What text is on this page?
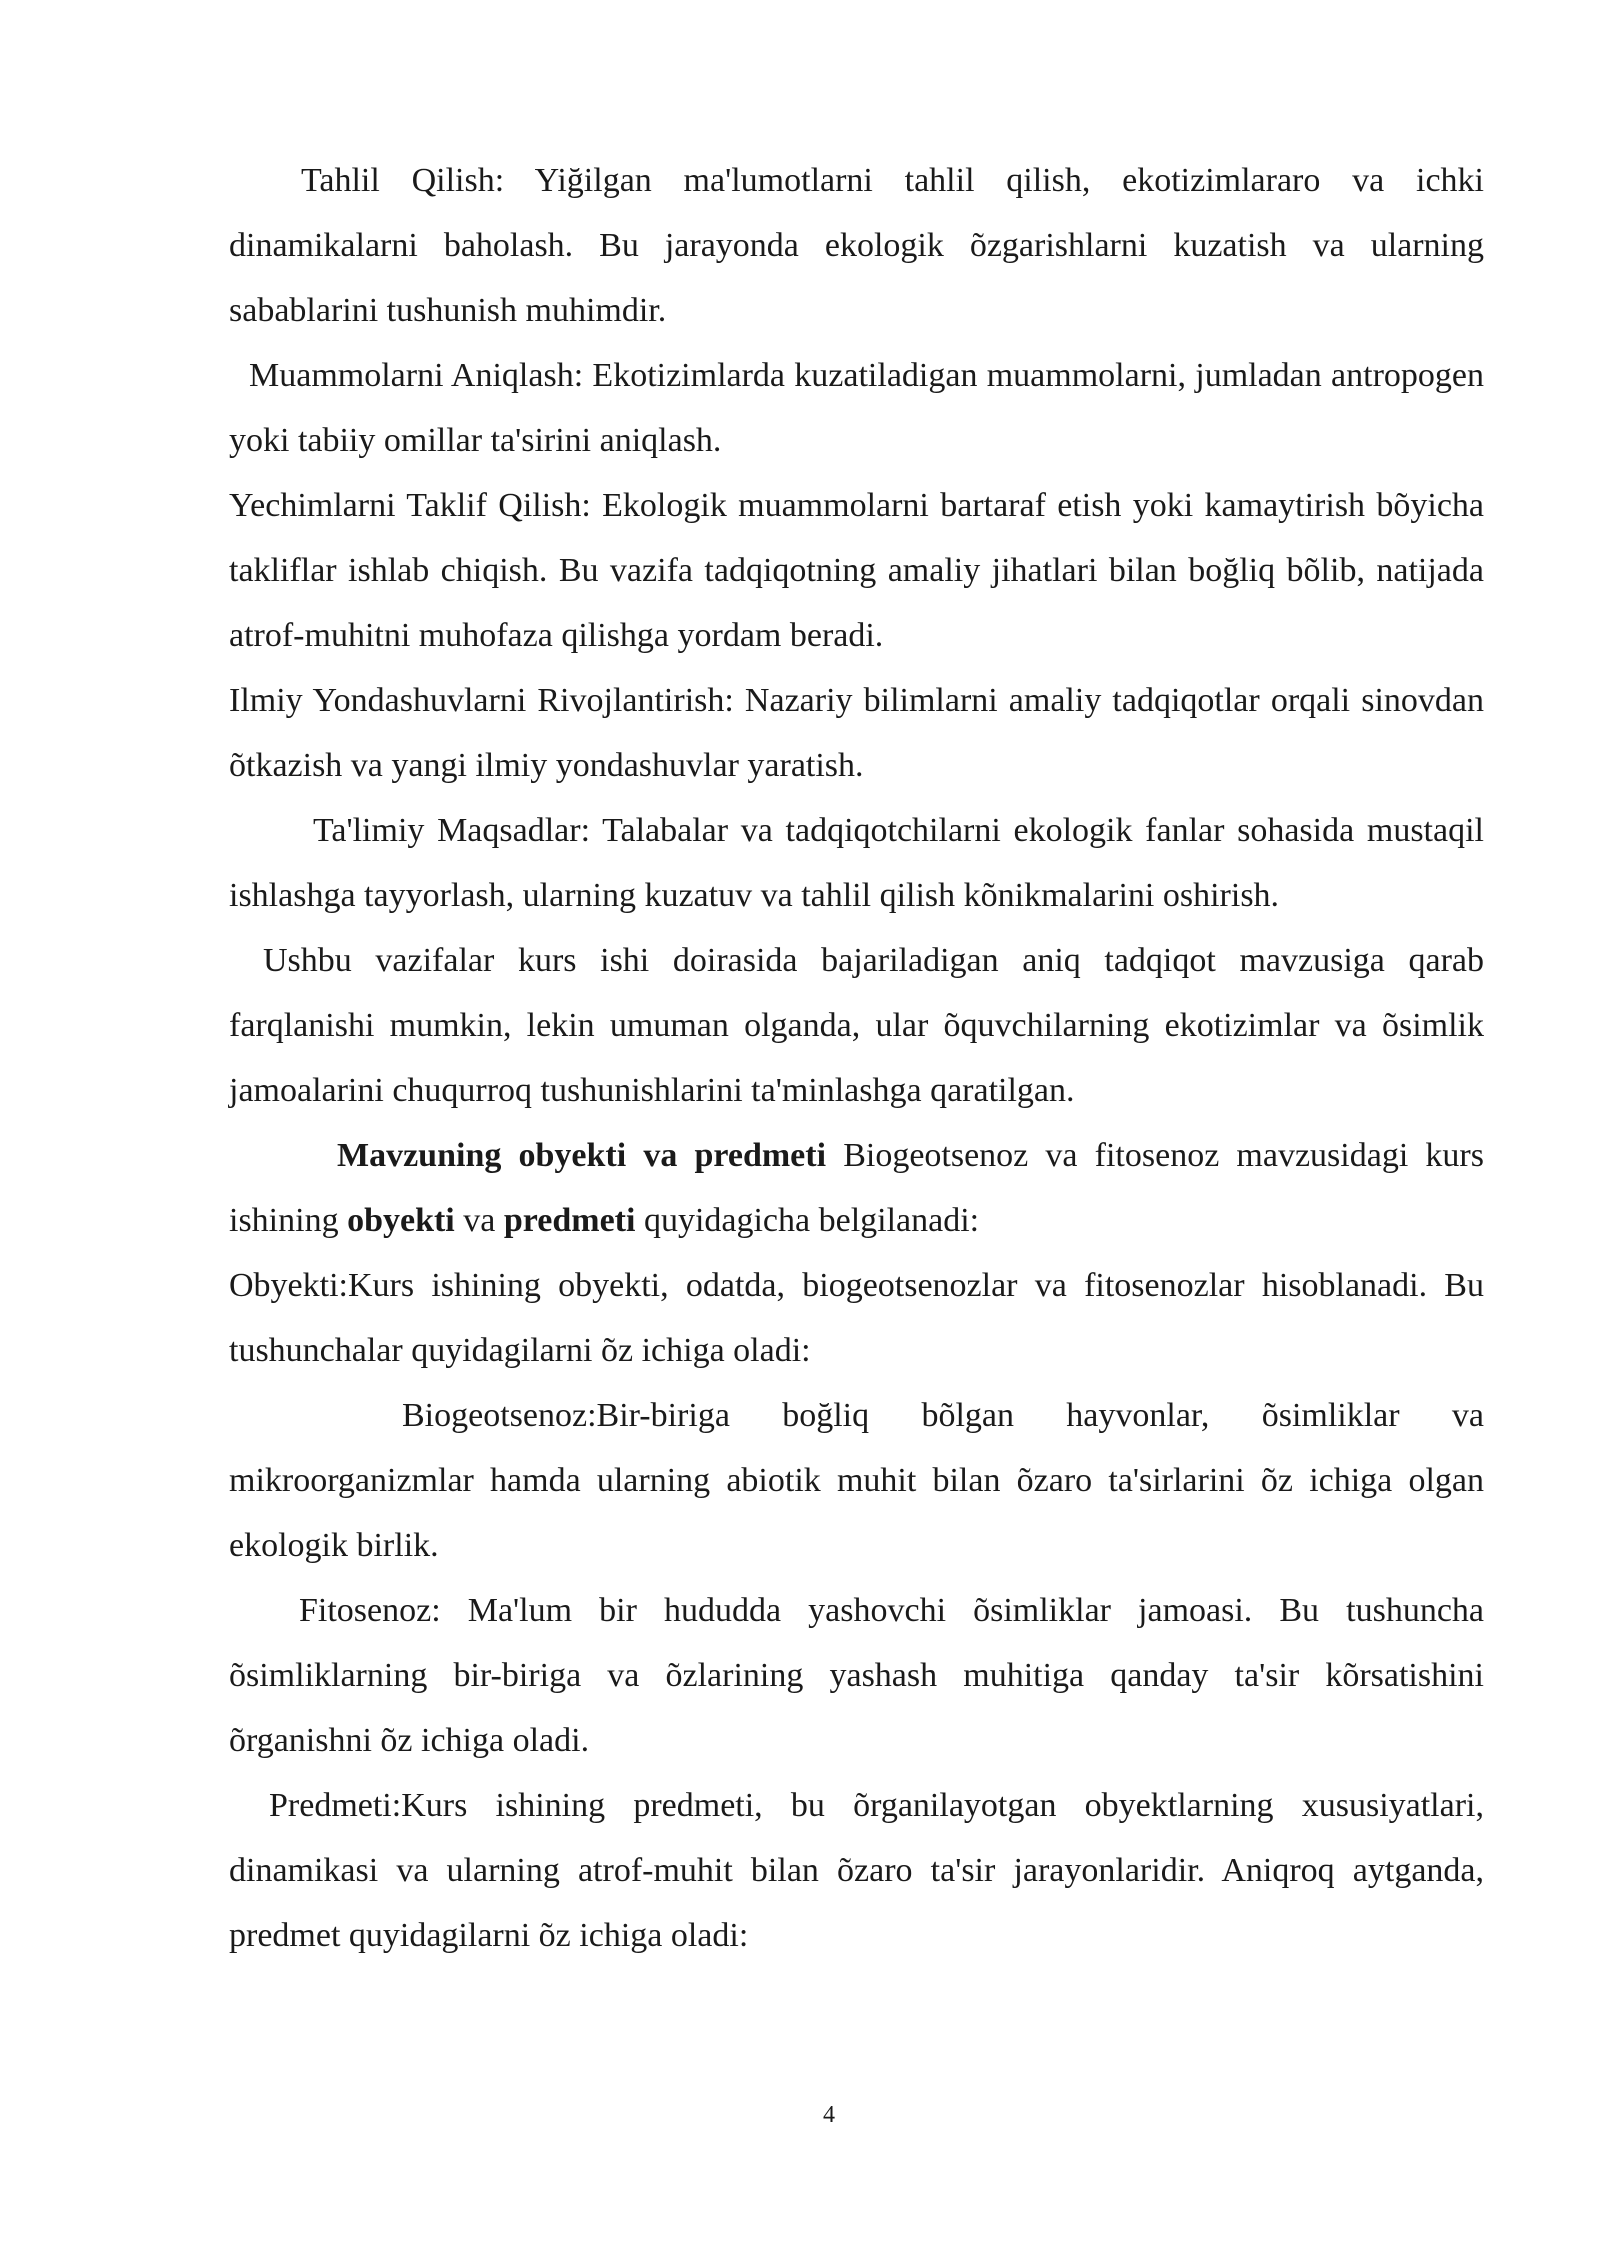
Tahlil Qilish: Yiğilgan ma'lumotlarni tahlil qilish, ekotizimlararo va ichki dinamikalarni baholash. Bu jarayonda ekologik õzgarishlarni kuzatish va ularning sabablarini tushunish muhimdir.

Muammolarni Aniqlash: Ekotizimlarda kuzatiladigan muammolarni, jumladan antropogen yoki tabiiy omillar ta'sirini aniqlash.

Yechimlarni Taklif Qilish: Ekologik muammolarni bartaraf etish yoki kamaytirish bõyicha takliflar ishlab chiqish. Bu vazifa tadqiqotning amaliy jihatlari bilan boğliq bõlib, natijada atrof-muhitni muhofaza qilishga yordam beradi.

Ilmiy Yondashuvlarni Rivojlantirish: Nazariy bilimlarni amaliy tadqiqotlar orqali sinovdan õtkazish va yangi ilmiy yondashuvlar yaratish.

Ta'limiy Maqsadlar: Talabalar va tadqiqotchilarni ekologik fanlar sohasida mustaqil ishlashga tayyorlash, ularning kuzatuv va tahlil qilish kõnikmalarini oshirish.

Ushbu vazifalar kurs ishi doirasida bajariladigan aniq tadqiqot mavzusiga qarab farqlanishi mumkin, lekin umuman olganda, ular õquvchilarning ekotizimlar va õsimlik jamoalarini chuqurroq tushunishlarini ta'minlashga qaratilgan.

Mavzuning obyekti va predmeti Biogeotsenoz va fitosenoz mavzusidagi kurs ishining obyekti va predmeti quyidagicha belgilanadi:

Obyekti:Kurs ishining obyekti, odatda, biogeotsenozlar va fitosenozlar hisoblanadi. Bu tushunchalar quyidagilarni õz ichiga oladi:

Biogeotsenoz:Bir-biriga boğliq bõlgan hayvonlar, õsimliklar va mikroorganizmlar hamda ularning abiotik muhit bilan õzaro ta'sirlarini õz ichiga olgan ekologik birlik.

Fitosenoz: Ma'lum bir hududda yashovchi õsimliklar jamoasi. Bu tushuncha õsimliklarning bir-biriga va õzlarining yashash muhitiga qanday ta'sir kõrsatishini õrganishni õz ichiga oladi.

Predmeti:Kurs ishining predmeti, bu õrganilayotgan obyektlarning xususiyatlari, dinamikasi va ularning atrof-muhit bilan õzaro ta'sir jarayonlaridir. Aniqroq aytganda, predmet quyidagilarni õz ichiga oladi:

4
